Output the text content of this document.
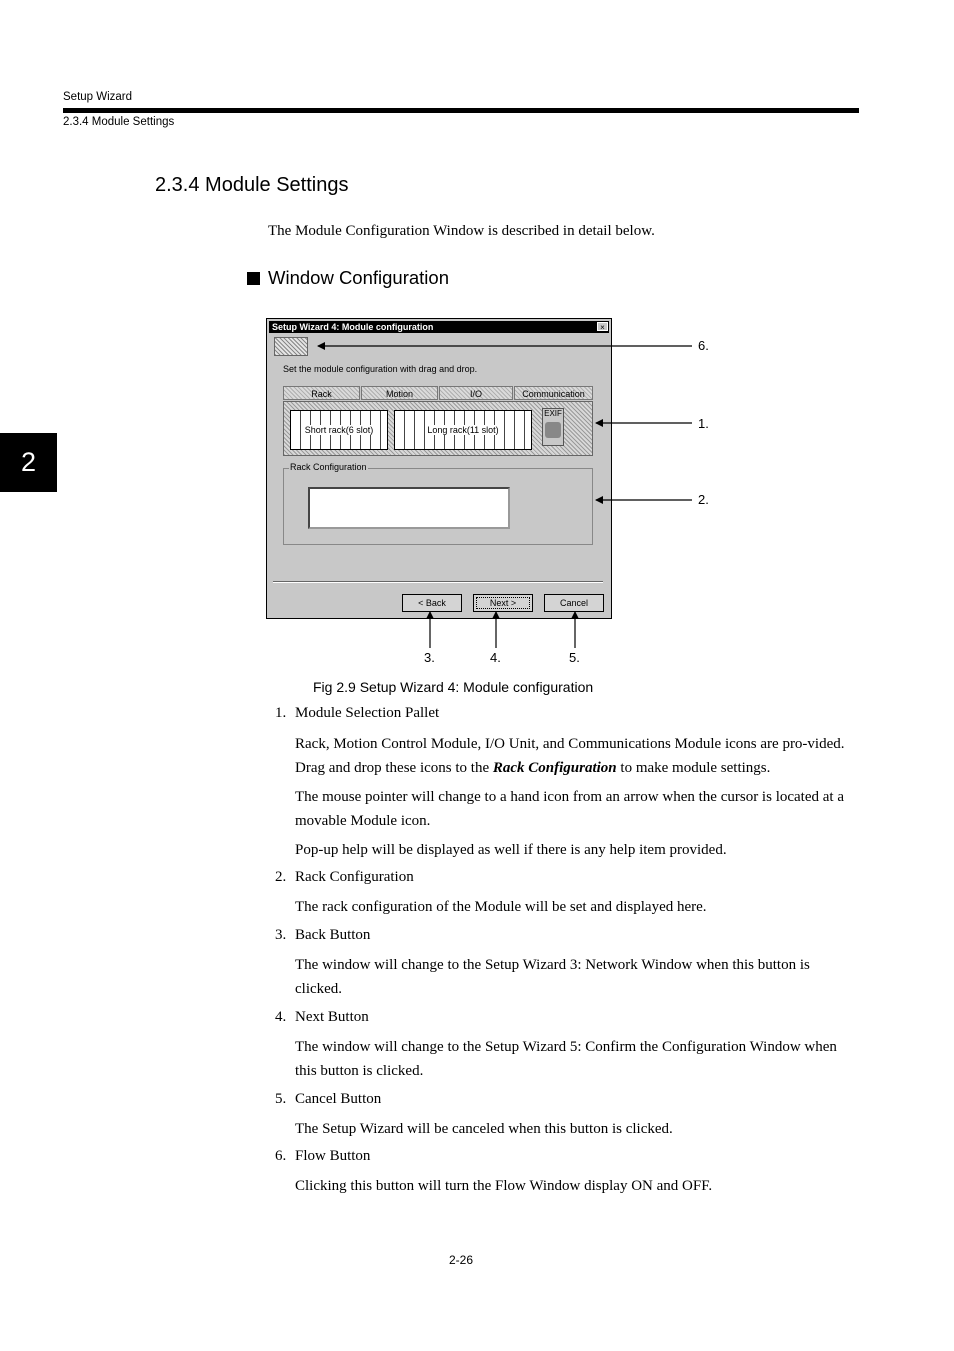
Setup Wizard
2.3.4 Module Settings
2
2.3.4 Module Settings
The Module Configuration Window is described in detail below.
Window Configuration
Setup Wizard 4: Module configuration	×
Set the module configuration with drag and drop.
Rack	Motion	I/O	Communication
Short rack(6 slot)	Long rack(11 slot)
EXIF
Rack Configuration
< Back	Next >	Cancel
6.
1.
2.
3.	4.	5.
Fig 2.9 Setup Wizard 4: Module configuration
1. Module Selection Pallet
Rack, Motion Control Module, I/O Unit, and Communications Module icons are pro-vided. Drag and drop these icons to the Rack Configuration to make module settings.
The mouse pointer will change to a hand icon from an arrow when the cursor is located at a movable Module icon.
Pop-up help will be displayed as well if there is any help item provided.
2. Rack Configuration
The rack configuration of the Module will be set and displayed here.
3. Back Button
The window will change to the Setup Wizard 3: Network Window when this button is clicked.
4. Next Button
The window will change to the Setup Wizard 5: Confirm the Configuration Window when this button is clicked.
5. Cancel Button
The Setup Wizard will be canceled when this button is clicked.
6. Flow Button
Clicking this button will turn the Flow Window display ON and OFF.
2-26
